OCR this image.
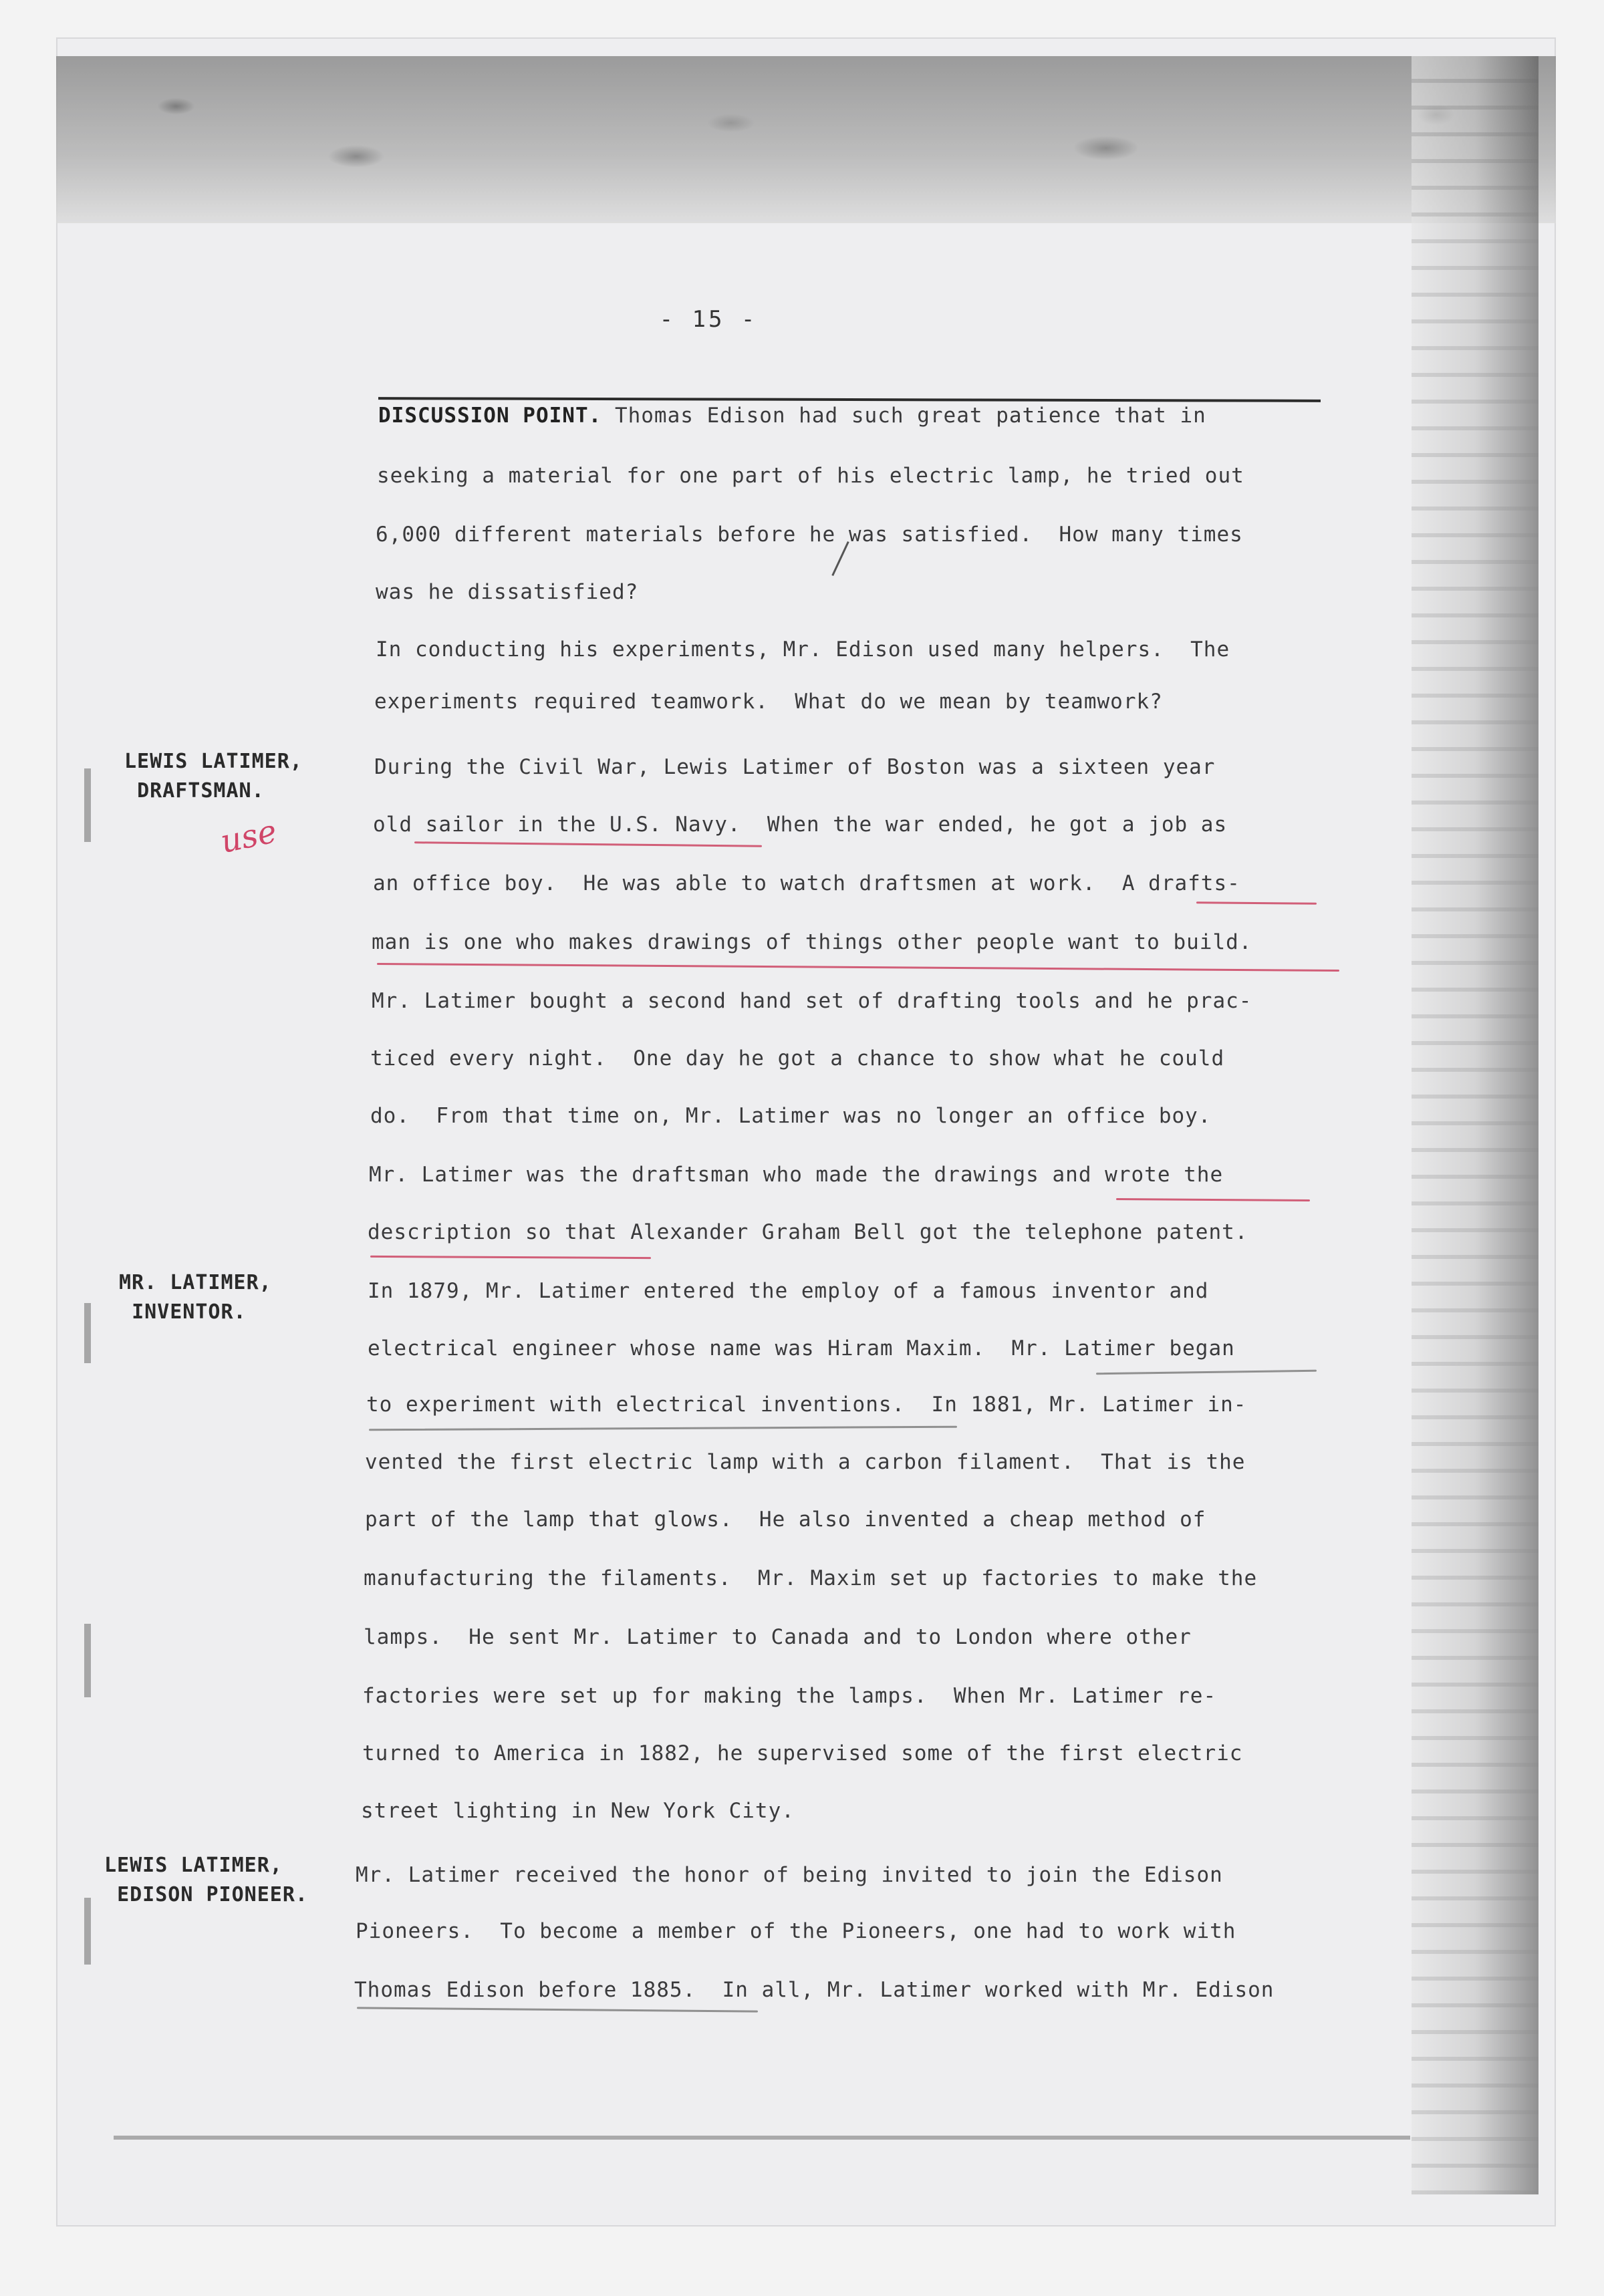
- 15 -
LEWIS LATIMER,
DRAFTSMAN.
MR. LATIMER,
INVENTOR.
LEWIS LATIMER,
EDISON PIONEER.
use
DISCUSSION POINT. Thomas Edison had such great patience that in
seeking a material for one part of his electric lamp, he tried out
6,000 different materials before he was satisfied.  How many times
was he dissatisfied?
In conducting his experiments, Mr. Edison used many helpers.  The
experiments required teamwork.  What do we mean by teamwork?
During the Civil War, Lewis Latimer of Boston was a sixteen year
old sailor in the U.S. Navy.  When the war ended, he got a job as
an office boy.  He was able to watch draftsmen at work.  A drafts-
man is one who makes drawings of things other people want to build.
Mr. Latimer bought a second hand set of drafting tools and he prac-
ticed every night.  One day he got a chance to show what he could
do.  From that time on, Mr. Latimer was no longer an office boy.
Mr. Latimer was the draftsman who made the drawings and wrote the
description so that Alexander Graham Bell got the telephone patent.
In 1879, Mr. Latimer entered the employ of a famous inventor and
electrical engineer whose name was Hiram Maxim.  Mr. Latimer began
to experiment with electrical inventions.  In 1881, Mr. Latimer in-
vented the first electric lamp with a carbon filament.  That is the
part of the lamp that glows.  He also invented a cheap method of
manufacturing the filaments.  Mr. Maxim set up factories to make the
lamps.  He sent Mr. Latimer to Canada and to London where other
factories were set up for making the lamps.  When Mr. Latimer re-
turned to America in 1882, he supervised some of the first electric
street lighting in New York City.
Mr. Latimer received the honor of being invited to join the Edison
Pioneers.  To become a member of the Pioneers, one had to work with
Thomas Edison before 1885.  In all, Mr. Latimer worked with Mr. Edison
